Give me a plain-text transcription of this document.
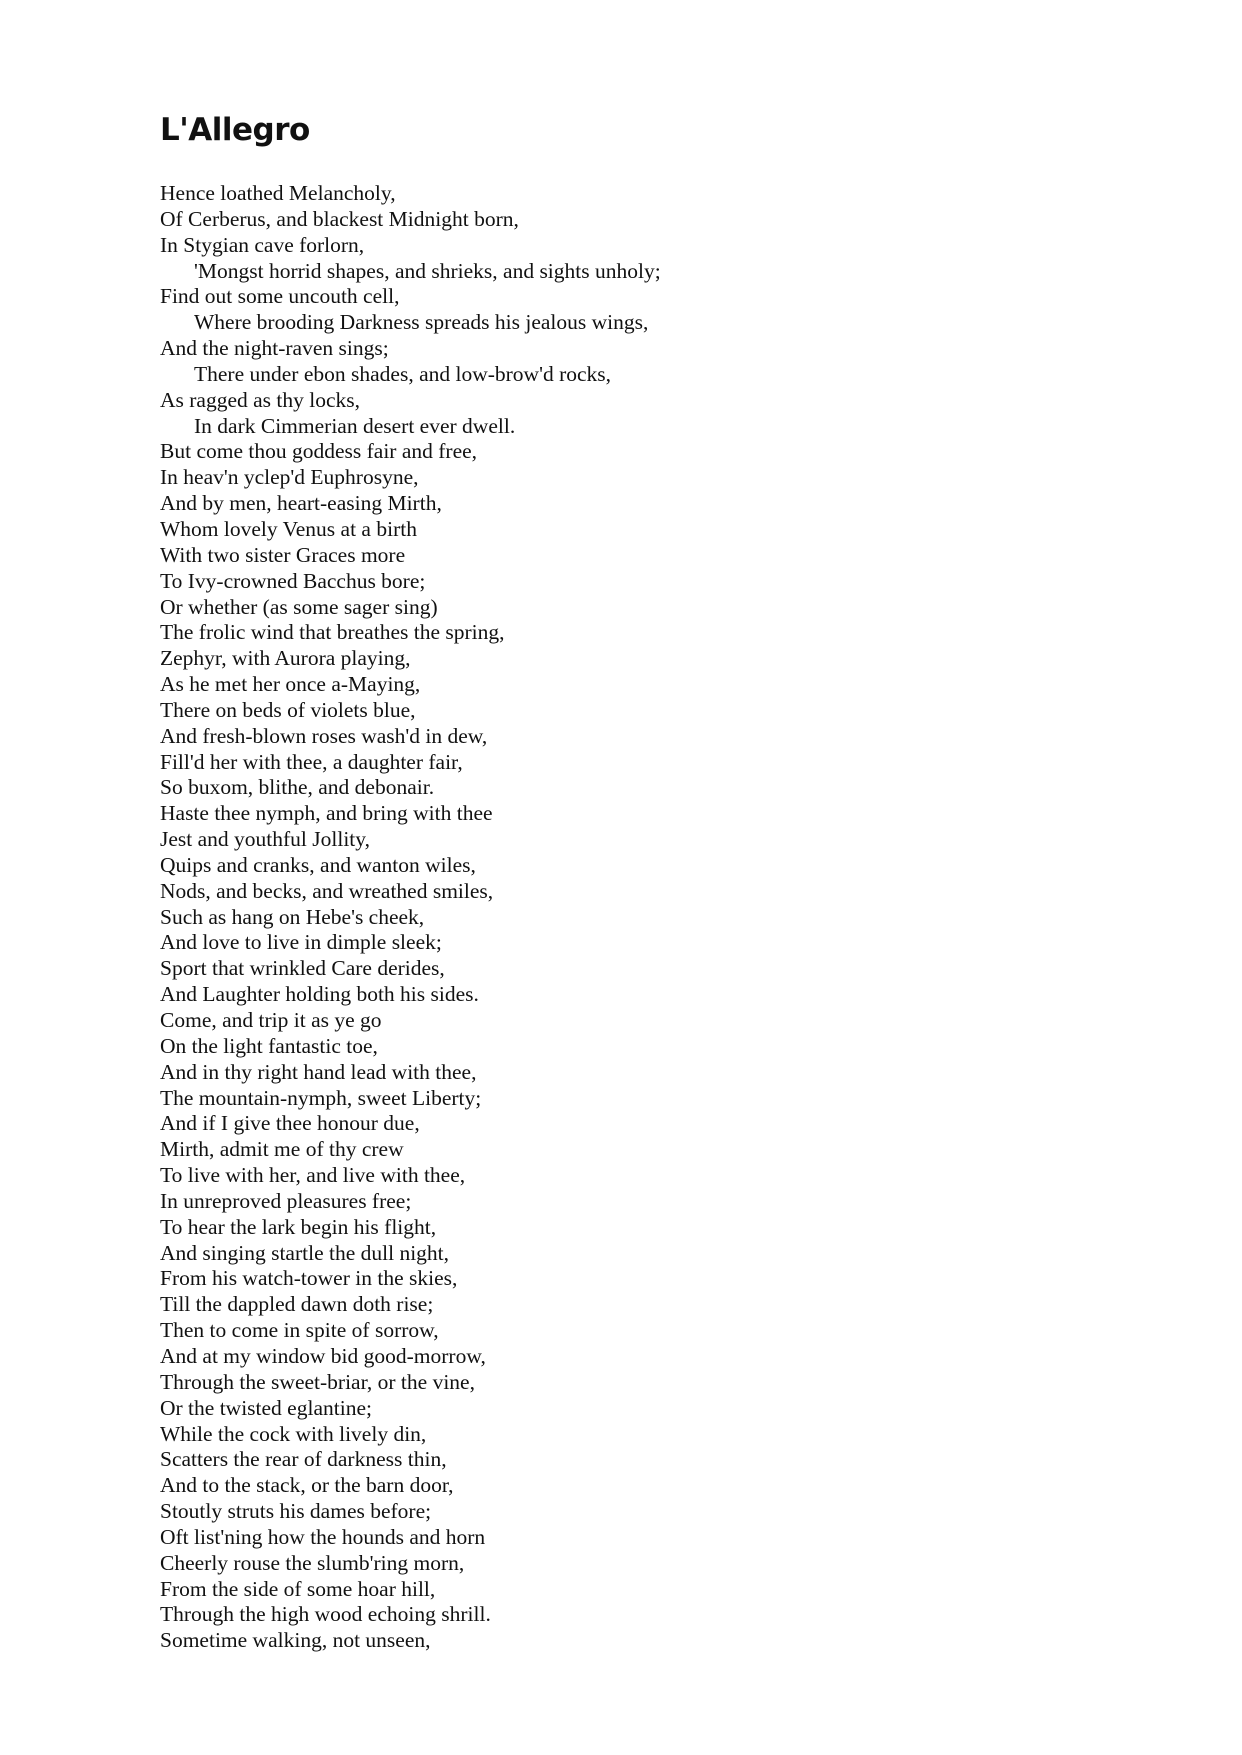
L'Allegro
Hence loathed Melancholy,
Of Cerberus, and blackest Midnight born,
In Stygian cave forlorn,
'Mongst horrid shapes, and shrieks, and sights unholy;
Find out some uncouth cell,
Where brooding Darkness spreads his jealous wings,
And the night-raven sings;
There under ebon shades, and low-brow'd rocks,
As ragged as thy locks,
In dark Cimmerian desert ever dwell.
But come thou goddess fair and free,
In heav'n yclep'd Euphrosyne,
And by men, heart-easing Mirth,
Whom lovely Venus at a birth
With two sister Graces more
To Ivy-crowned Bacchus bore;
Or whether (as some sager sing)
The frolic wind that breathes the spring,
Zephyr, with Aurora playing,
As he met her once a-Maying,
There on beds of violets blue,
And fresh-blown roses wash'd in dew,
Fill'd her with thee, a daughter fair,
So buxom, blithe, and debonair.
Haste thee nymph, and bring with thee
Jest and youthful Jollity,
Quips and cranks, and wanton wiles,
Nods, and becks, and wreathed smiles,
Such as hang on Hebe's cheek,
And love to live in dimple sleek;
Sport that wrinkled Care derides,
And Laughter holding both his sides.
Come, and trip it as ye go
On the light fantastic toe,
And in thy right hand lead with thee,
The mountain-nymph, sweet Liberty;
And if I give thee honour due,
Mirth, admit me of thy crew
To live with her, and live with thee,
In unreproved pleasures free;
To hear the lark begin his flight,
And singing startle the dull night,
From his watch-tower in the skies,
Till the dappled dawn doth rise;
Then to come in spite of sorrow,
And at my window bid good-morrow,
Through the sweet-briar, or the vine,
Or the twisted eglantine;
While the cock with lively din,
Scatters the rear of darkness thin,
And to the stack, or the barn door,
Stoutly struts his dames before;
Oft list'ning how the hounds and horn
Cheerly rouse the slumb'ring morn,
From the side of some hoar hill,
Through the high wood echoing shrill.
Sometime walking, not unseen,
